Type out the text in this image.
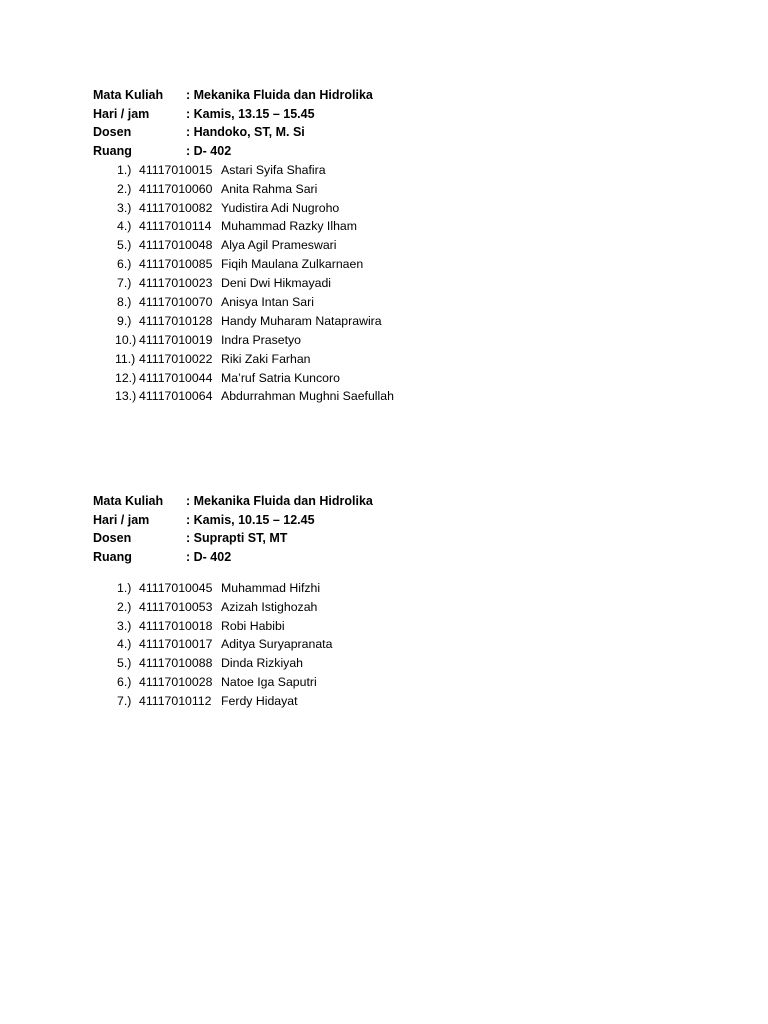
Mata Kuliah : Mekanika Fluida dan Hidrolika
Hari / jam	: Kamis, 13.15 – 15.45
Dosen	: Handoko, ST, M. Si
Ruang	: D- 402
1.) 41117010015 Astari Syifa Shafira
2.) 41117010060 Anita Rahma Sari
3.) 41117010082 Yudistira Adi Nugroho
4.) 41117010114 Muhammad Razky Ilham
5.) 41117010048 Alya Agil Prameswari
6.) 41117010085 Fiqih Maulana Zulkarnaen
7.) 41117010023 Deni Dwi Hikmayadi
8.) 41117010070 Anisya Intan Sari
9.) 41117010128 Handy Muharam Nataprawira
10.) 41117010019 Indra Prasetyo
11.) 41117010022 Riki Zaki Farhan
12.) 41117010044 Ma’ruf Satria Kuncoro
13.) 41117010064 Abdurrahman Mughni Saefullah
Mata Kuliah : Mekanika Fluida dan Hidrolika
Hari / jam	: Kamis, 10.15 – 12.45
Dosen	: Suprapti ST, MT
Ruang	: D- 402
1.) 41117010045 Muhammad Hifzhi
2.) 41117010053 Azizah Istighozah
3.) 41117010018 Robi Habibi
4.) 41117010017 Aditya Suryapranata
5.) 41117010088 Dinda Rizkiyah
6.) 41117010028 Natoe Iga Saputri
7.) 41117010112 Ferdy Hidayat
